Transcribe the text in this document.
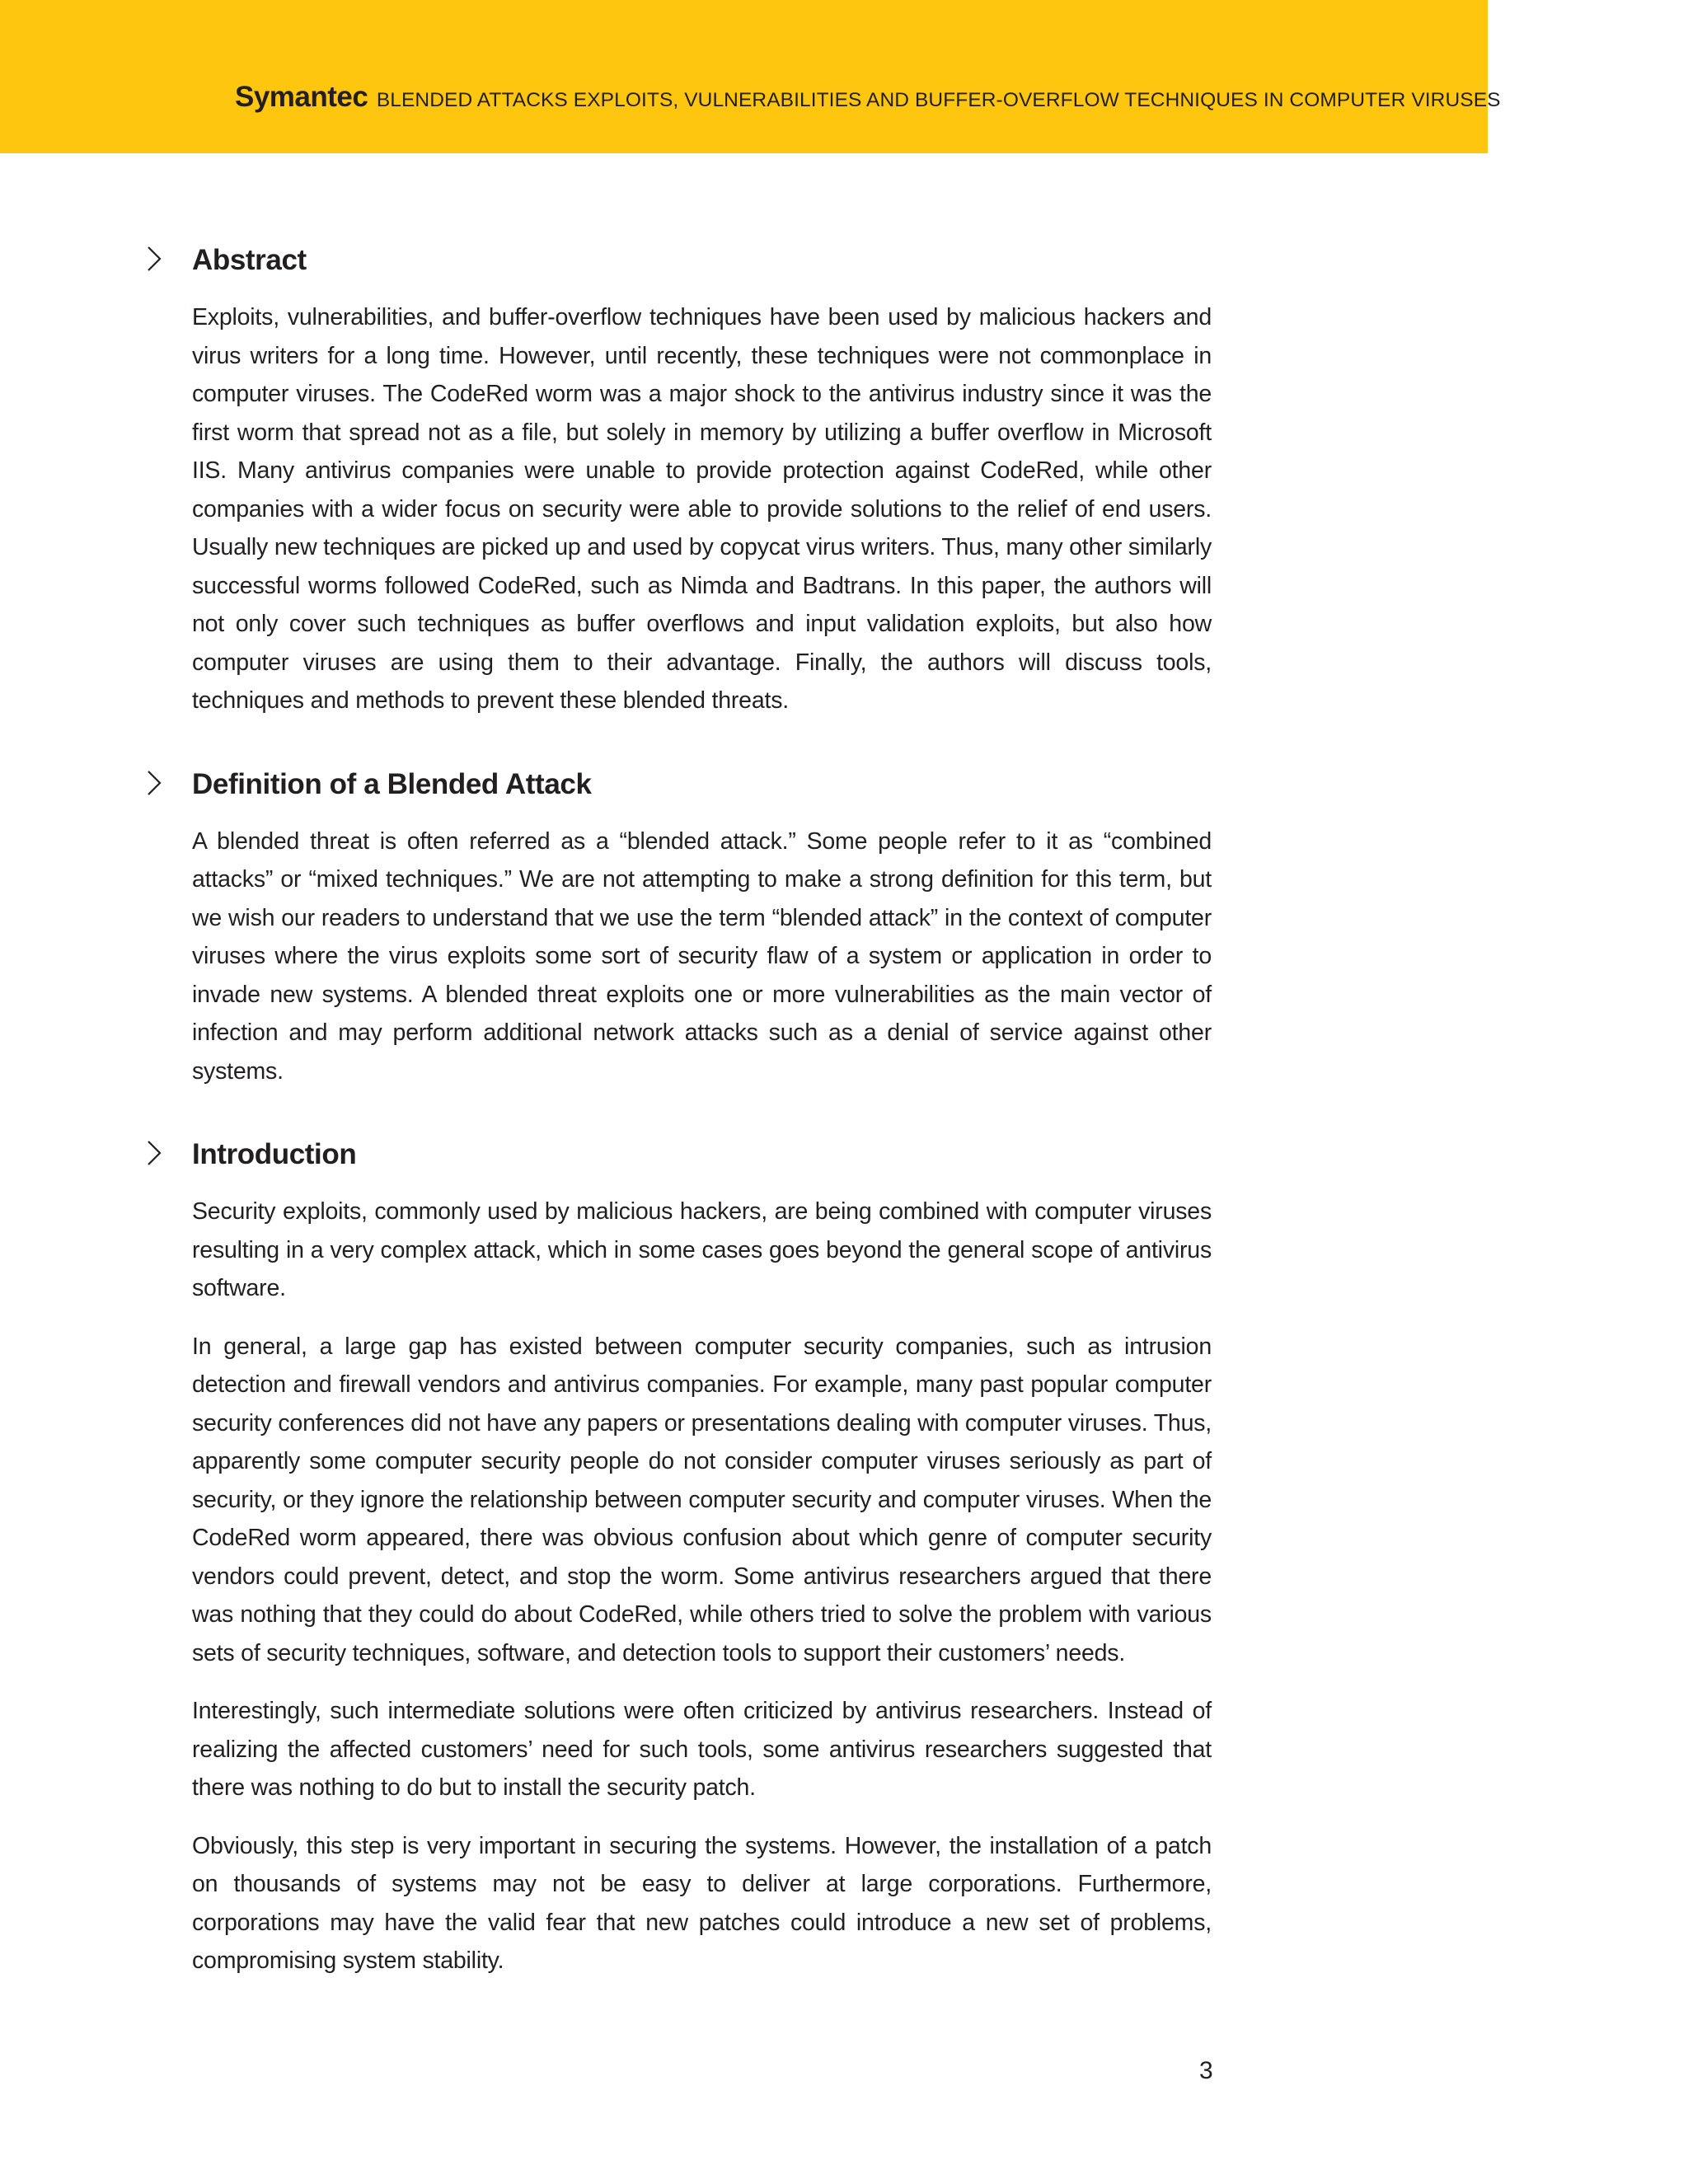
Symantec BLENDED ATTACKS EXPLOITS, VULNERABILITIES AND BUFFER-OVERFLOW TECHNIQUES IN COMPUTER VIRUSES
Abstract

Exploits, vulnerabilities, and buffer-overflow techniques have been used by malicious hackers and virus writers for a long time. However, until recently, these techniques were not commonplace in computer viruses. The CodeRed worm was a major shock to the antivirus industry since it was the first worm that spread not as a file, but solely in memory by utilizing a buffer overflow in Microsoft IIS. Many antivirus companies were unable to provide protection against CodeRed, while other companies with a wider focus on security were able to provide solutions to the relief of end users. Usually new techniques are picked up and used by copycat virus writers. Thus, many other similarly successful worms followed CodeRed, such as Nimda and Badtrans. In this paper, the authors will not only cover such techniques as buffer overflows and input validation exploits, but also how computer viruses are using them to their advantage. Finally, the authors will discuss tools, techniques and methods to prevent these blended threats.

Definition of a Blended Attack

A blended threat is often referred as a “blended attack.” Some people refer to it as “combined attacks” or “mixed techniques.” We are not attempting to make a strong definition for this term, but we wish our readers to understand that we use the term “blended attack” in the context of computer viruses where the virus exploits some sort of security flaw of a system or application in order to invade new systems. A blended threat exploits one or more vulnerabilities as the main vector of infection and may perform additional network attacks such as a denial of service against other systems.

Introduction

Security exploits, commonly used by malicious hackers, are being combined with computer viruses resulting in a very complex attack, which in some cases goes beyond the general scope of antivirus software.

In general, a large gap has existed between computer security companies, such as intrusion detection and firewall vendors and antivirus companies. For example, many past popular computer security conferences did not have any papers or presentations dealing with computer viruses. Thus, apparently some computer security people do not consider computer viruses seriously as part of security, or they ignore the relationship between computer security and computer viruses. When the CodeRed worm appeared, there was obvious confusion about which genre of computer security vendors could prevent, detect, and stop the worm. Some antivirus researchers argued that there was nothing that they could do about CodeRed, while others tried to solve the problem with various sets of security techniques, software, and detection tools to support their customers’ needs.

Interestingly, such intermediate solutions were often criticized by antivirus researchers. Instead of realizing the affected customers’ need for such tools, some antivirus researchers suggested that there was nothing to do but to install the security patch.

Obviously, this step is very important in securing the systems. However, the installation of a patch on thousands of systems may not be easy to deliver at large corporations. Furthermore, corporations may have the valid fear that new patches could introduce a new set of problems, compromising system stability.

3
